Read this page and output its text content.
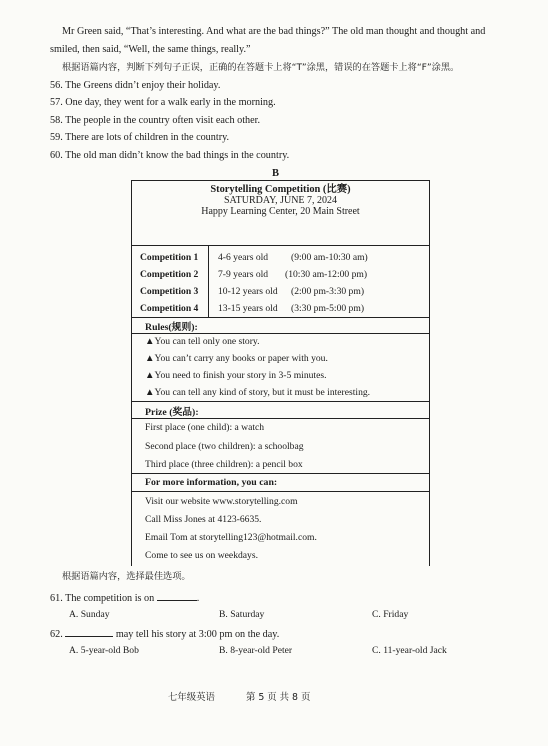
Mr Green said, “That’s interesting. And what are the bad things?” The old man thought and thought and
smiled, then said, “Well, the same things, really.”
根据语篇内容，判断下列句子正误，正确的在答题卡上将“T”涂黑，错误的在答题卡上将“F”涂黑。
56. The Greens didn’t enjoy their holiday.
57. One day, they went for a walk early in the morning.
58. The people in the country often visit each other.
59. There are lots of children in the country.
60. The old man didn’t know the bad things in the country.
B
Storytelling Competition (比赛)
SATURDAY, JUNE 7, 2024
Happy Learning Center, 20 Main Street
Competition 1 4-6 years old (9:00 am-10:30 am)
Competition 2 7-9 years old (10:30 am-12:00 pm)
Competition 3 10-12 years old (2:00 pm-3:30 pm)
Competition 4 13-15 years old (3:30 pm-5:00 pm)
Rules(规则):
▲You can tell only one story.
▲You can’t carry any books or paper with you.
▲You need to finish your story in 3-5 minutes.
▲You can tell any kind of story, but it must be interesting.
Prize (奖品):
First place (one child): a watch
Second place (two children): a schoolbag
Third place (three children): a pencil box
For more information, you can:
Visit our website www.storytelling.com
Call Miss Jones at 4123-6635.
Email Tom at storytelling123@hotmail.com.
Come to see us on weekdays.
根据语篇内容，选择最佳选项。
61. The competition is on	.
A. Sunday	B. Saturday	C. Friday
62.	may tell his story at 3:00 pm on the day.
A. 5-year-old Bob	B. 8-year-old Peter	C. 11-year-old Jack
七年级英语	第 5 页 共 8 页
